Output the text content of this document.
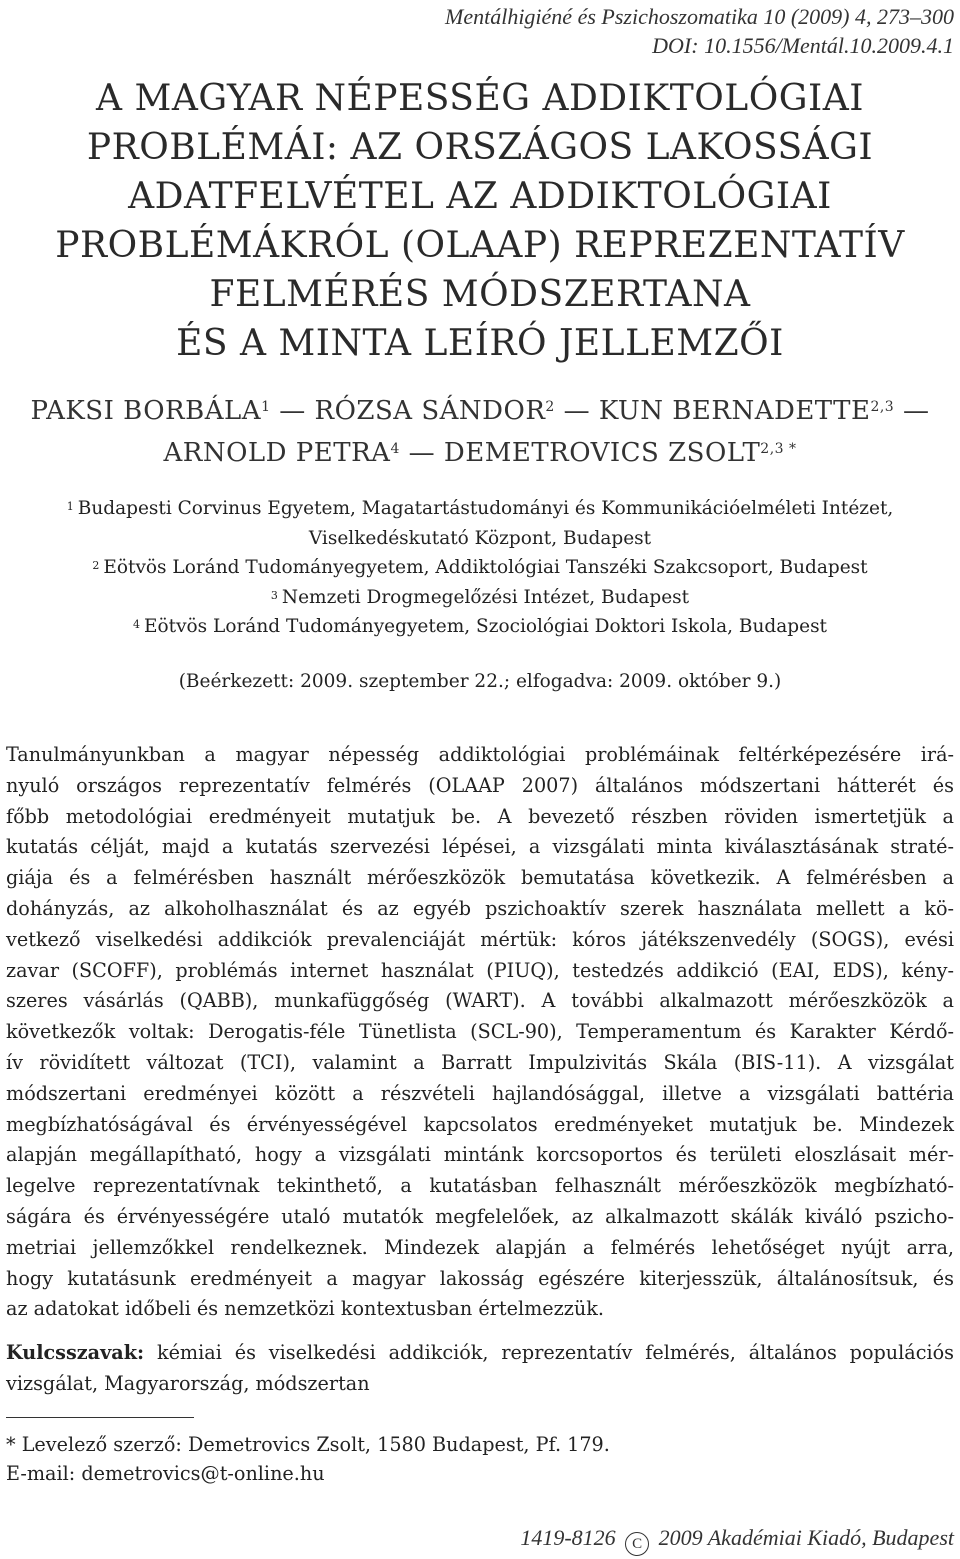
Mentálhigiéné és Pszichoszomatika 10 (2009) 4, 273–300
DOI: 10.1556/Mentál.10.2009.4.1
A MAGYAR NÉPESSÉG ADDIKTOLÓGIAI
PROBLÉMÁI: AZ ORSZÁGOS LAKOSSÁGI
ADATFELVÉTEL AZ ADDIKTOLÓGIAI
PROBLÉMÁKRÓL (OLAAP) REPREZENTATÍV
FELMÉRÉS MÓDSZERTANA
ÉS A MINTA LEÍRÓ JELLEMZŐI
PAKSI BORBÁLA$^1$ — RÓZSA SÁNDOR$^2$ — KUN BERNADETTE$^{2,3}$ —
ARNOLD PETRA$^4$ — DEMETROVICS $ZSOLT^{2,3 *}$
$^1$ Budapesti Corvinus Egyetem, Magatartástudományi és Kommunikációelméleti Intézet,
Viselkedéskutató Központ, Budapest
$^2$ Eötvös Loránd Tudományegyetem, Addiktológiai Tanszéki Szakcsoport, Budapest
$^3$ Nemzeti Drogmegelőzési Intézet, Budapest
$^4$ Eötvös Loránd Tudományegyetem, Szociológiai Doktori Iskola, Budapest
(Beérkezett: 2009. szeptember 22.; elfogadva: 2009. október 9.)
Tanulmányunkban a magyar népesség addiktológiai problémáinak feltérképezésére irá-
nyuló országos reprezentatív felmérés (OLAAP 2007) általános módszertani hátterét és
főbb metodológiai eredményeit mutatjuk be. A bevezető részben röviden ismertetjük a
kutatás célját, majd a kutatás szervezési lépései, a vizsgálati minta kiválasztásának straté-
giája és a felmérésben használt mérőeszközök bemutatása következik. A felmérésben a
dohányzás, az alkoholhasználat és az egyéb pszichoaktív szerek használata mellett a kö-
vetkező viselkedési addikciók prevalenciáját mértük: kóros játékszenvedély (SOGS), evési
zavar (SCOFF), problémás internet használat (PIUQ), testedzés addikció (EAI, EDS), kény-
szeres vásárlás (QABB), munkafüggőség (WART). A további alkalmazott mérőeszközök a
következők voltak: Derogatis-féle Tünetlista (SCL-90), Temperamentum és Karakter Kérdő-
ív rövidített változat (TCI), valamint a Barratt Impulzivitás Skála (BIS-11). A vizsgálat
módszertani eredményei között a részvételi hajlandósággal, illetve a vizsgálati battéria
megbízhatóságával és érvényességével kapcsolatos eredményeket mutatjuk be. Mindezek
alapján megállapítható, hogy a vizsgálati mintánk korcsoportos és területi eloszlásait mér-
legelve reprezentatívnak tekinthető, a kutatásban felhasznált mérőeszközök megbízható-
ságára és érvényességére utaló mutatók megfelelőek, az alkalmazott skálák kiváló pszicho-
metriai jellemzőkkel rendelkeznek. Mindezek alapján a felmérés lehetőséget nyújt arra,
hogy kutatásunk eredményeit a magyar lakosság egészére kiterjesszük, általánosítsuk, és
az adatokat időbeli és nemzetközi kontextusban értelmezzük.
Kulcsszavak: kémiai és viselkedési addikciók, reprezentatív felmérés, általános populációs
vizsgálat, Magyarország, módszertan
* Levelező szerző: Demetrovics Zsolt, 1580 Budapest, Pf. 179.
E-mail: demetrovics@t-online.hu
1419-8126 C 2009 Akadémiai Kiadó, Budapest
